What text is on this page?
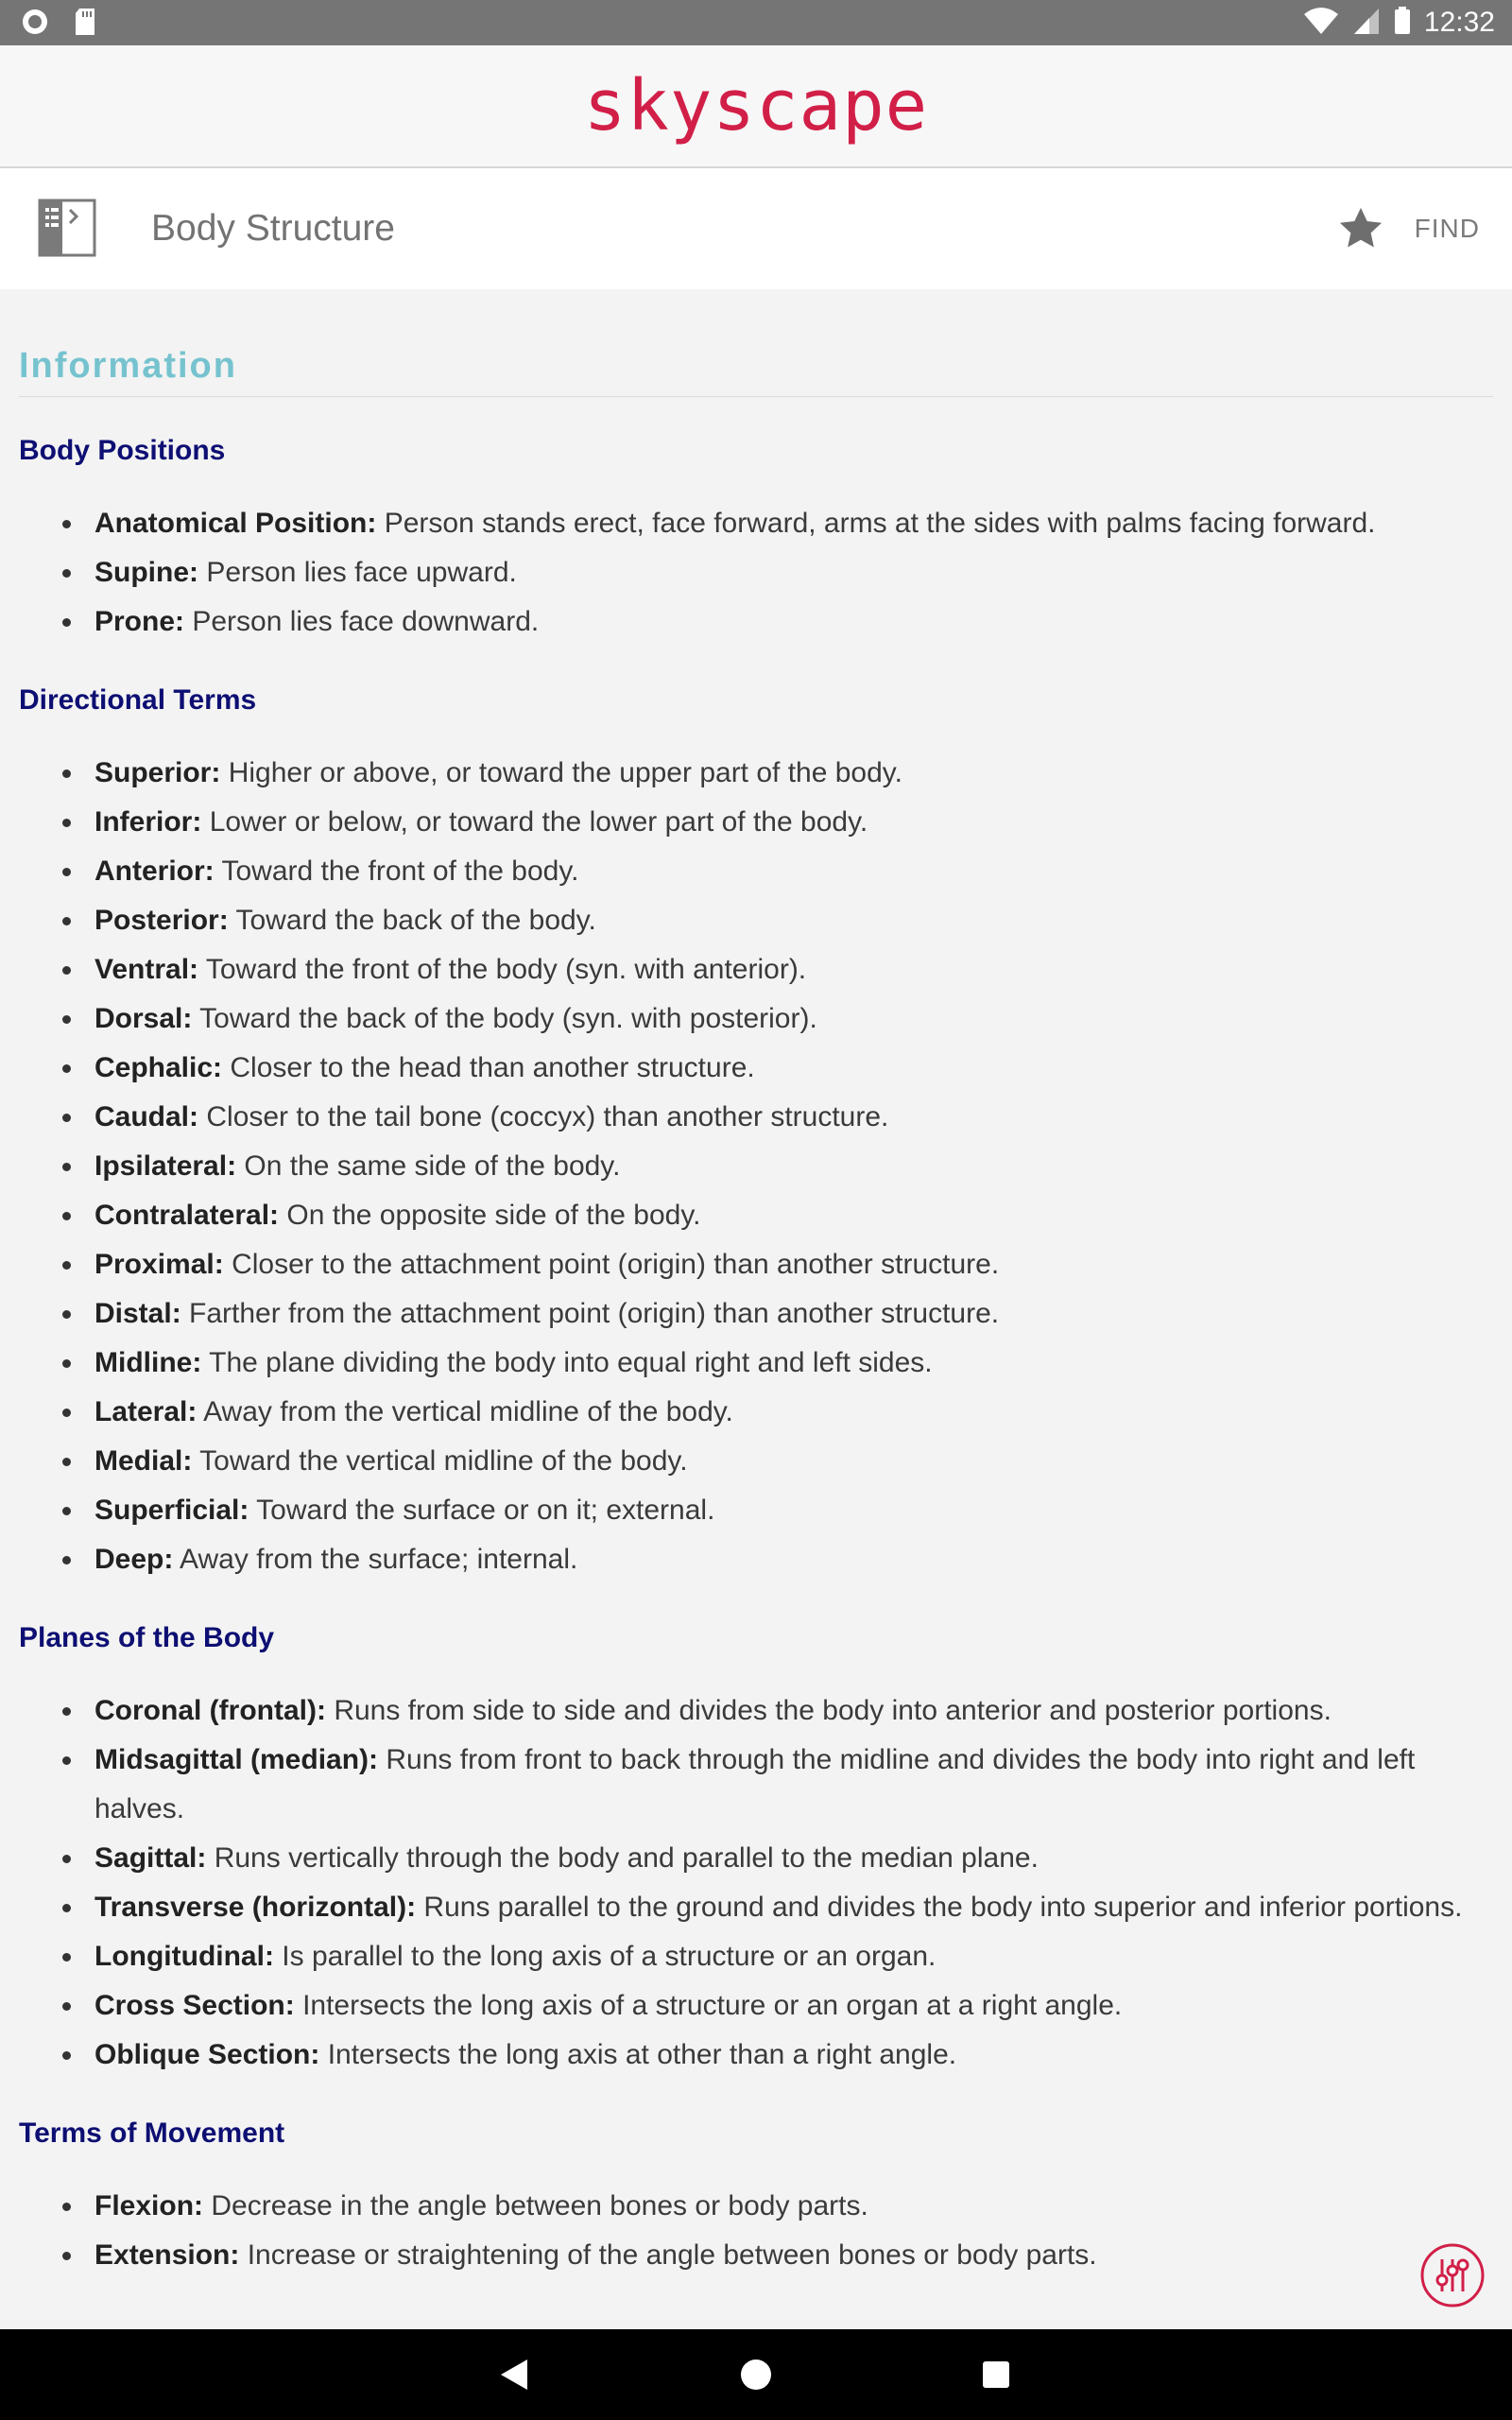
12:32
skyscape
Body Structure	FIND
Information
Body Positions
Anatomical Position: Person stands erect, face forward, arms at the sides with palms facing forward.
Supine: Person lies face upward.
Prone: Person lies face downward.
Directional Terms
Superior: Higher or above, or toward the upper part of the body.
Inferior: Lower or below, or toward the lower part of the body.
Anterior: Toward the front of the body.
Posterior: Toward the back of the body.
Ventral: Toward the front of the body (syn. with anterior).
Dorsal: Toward the back of the body (syn. with posterior).
Cephalic: Closer to the head than another structure.
Caudal: Closer to the tail bone (coccyx) than another structure.
Ipsilateral: On the same side of the body.
Contralateral: On the opposite side of the body.
Proximal: Closer to the attachment point (origin) than another structure.
Distal: Farther from the attachment point (origin) than another structure.
Midline: The plane dividing the body into equal right and left sides.
Lateral: Away from the vertical midline of the body.
Medial: Toward the vertical midline of the body.
Superficial: Toward the surface or on it; external.
Deep: Away from the surface; internal.
Planes of the Body
Coronal (frontal): Runs from side to side and divides the body into anterior and posterior portions.
Midsagittal (median): Runs from front to back through the midline and divides the body into right and left halves.
Sagittal: Runs vertically through the body and parallel to the median plane.
Transverse (horizontal): Runs parallel to the ground and divides the body into superior and inferior portions.
Longitudinal: Is parallel to the long axis of a structure or an organ.
Cross Section: Intersects the long axis of a structure or an organ at a right angle.
Oblique Section: Intersects the long axis at other than a right angle.
Terms of Movement
Flexion: Decrease in the angle between bones or body parts.
Extension: Increase or straightening of the angle between bones or body parts.
